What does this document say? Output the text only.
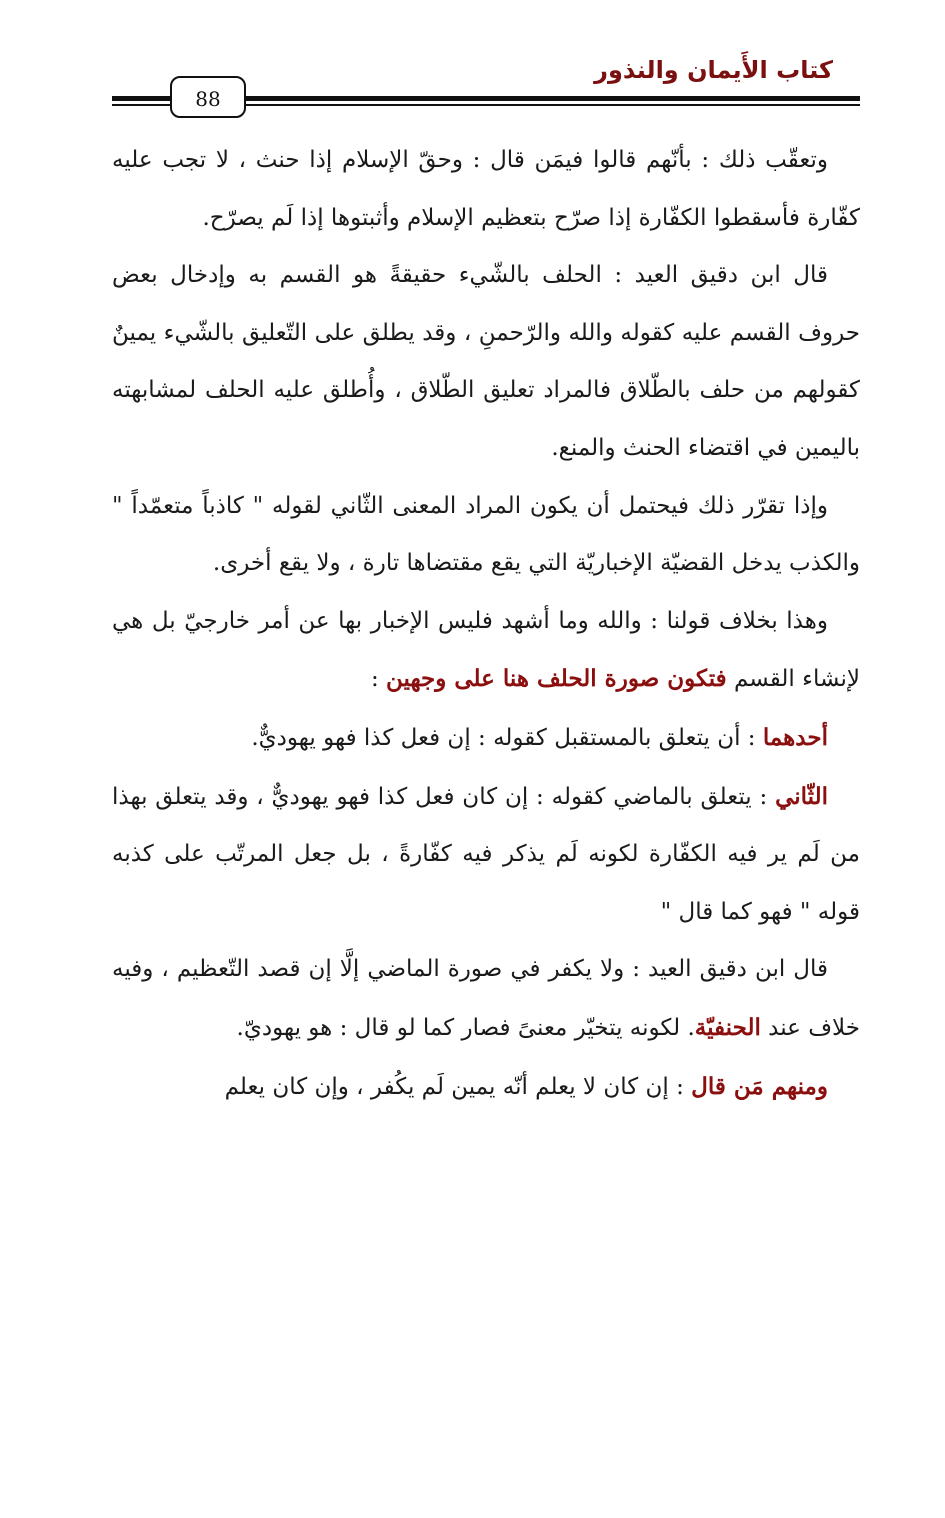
كتاب الأَيمان والنذور
88

وتعقّب ذلك : بأنّهم قالوا فيمَن قال : وحقّ الإسلام إذا حنث ، لا تجب عليه كفّارة فأسقطوا الكفّارة إذا صرّح بتعظيم الإسلام وأثبتوها إذا لَم يصرّح.

قال ابن دقيق العيد : الحلف بالشّيء حقيقةً هو القسم به وإدخال بعض حروف القسم عليه كقوله والله والرّحمنِ ، وقد يطلق على التّعليق بالشّيء يمينٌ كقولهم من حلف بالطّلاق فالمراد تعليق الطّلاق ، وأُطلق عليه الحلف لمشابهته باليمين في اقتضاء الحنث والمنع.

وإذا تقرّر ذلك فيحتمل أن يكون المراد المعنى الثّاني لقوله " كاذباً متعمّداً " والكذب يدخل القضيّة الإخباريّة التي يقع مقتضاها تارة ، ولا يقع أخرى.

وهذا بخلاف قولنا : والله وما أشهد فليس الإخبار بها عن أمر خارجيّ بل هي لإنشاء القسم فتكون صورة الحلف هنا على وجهين :

أحدهما : أن يتعلق بالمستقبل كقوله : إن فعل كذا فهو يهوديٌّ.

الثّاني : يتعلق بالماضي كقوله : إن كان فعل كذا فهو يهوديٌّ ، وقد يتعلق بهذا من لَم ير فيه الكفّارة لكونه لَم يذكر فيه كفّارةً ، بل جعل المرتّب على كذبه قوله " فهو كما قال "

قال ابن دقيق العيد : ولا يكفر في صورة الماضي إلَّا إن قصد التّعظيم ، وفيه خلاف عند الحنفيّة. لكونه يتخيّر معنىً فصار كما لو قال : هو يهوديّ.

ومنهم مَن قال : إن كان لا يعلم أنّه يمين لَم يكُفر ، وإن كان يعلم
